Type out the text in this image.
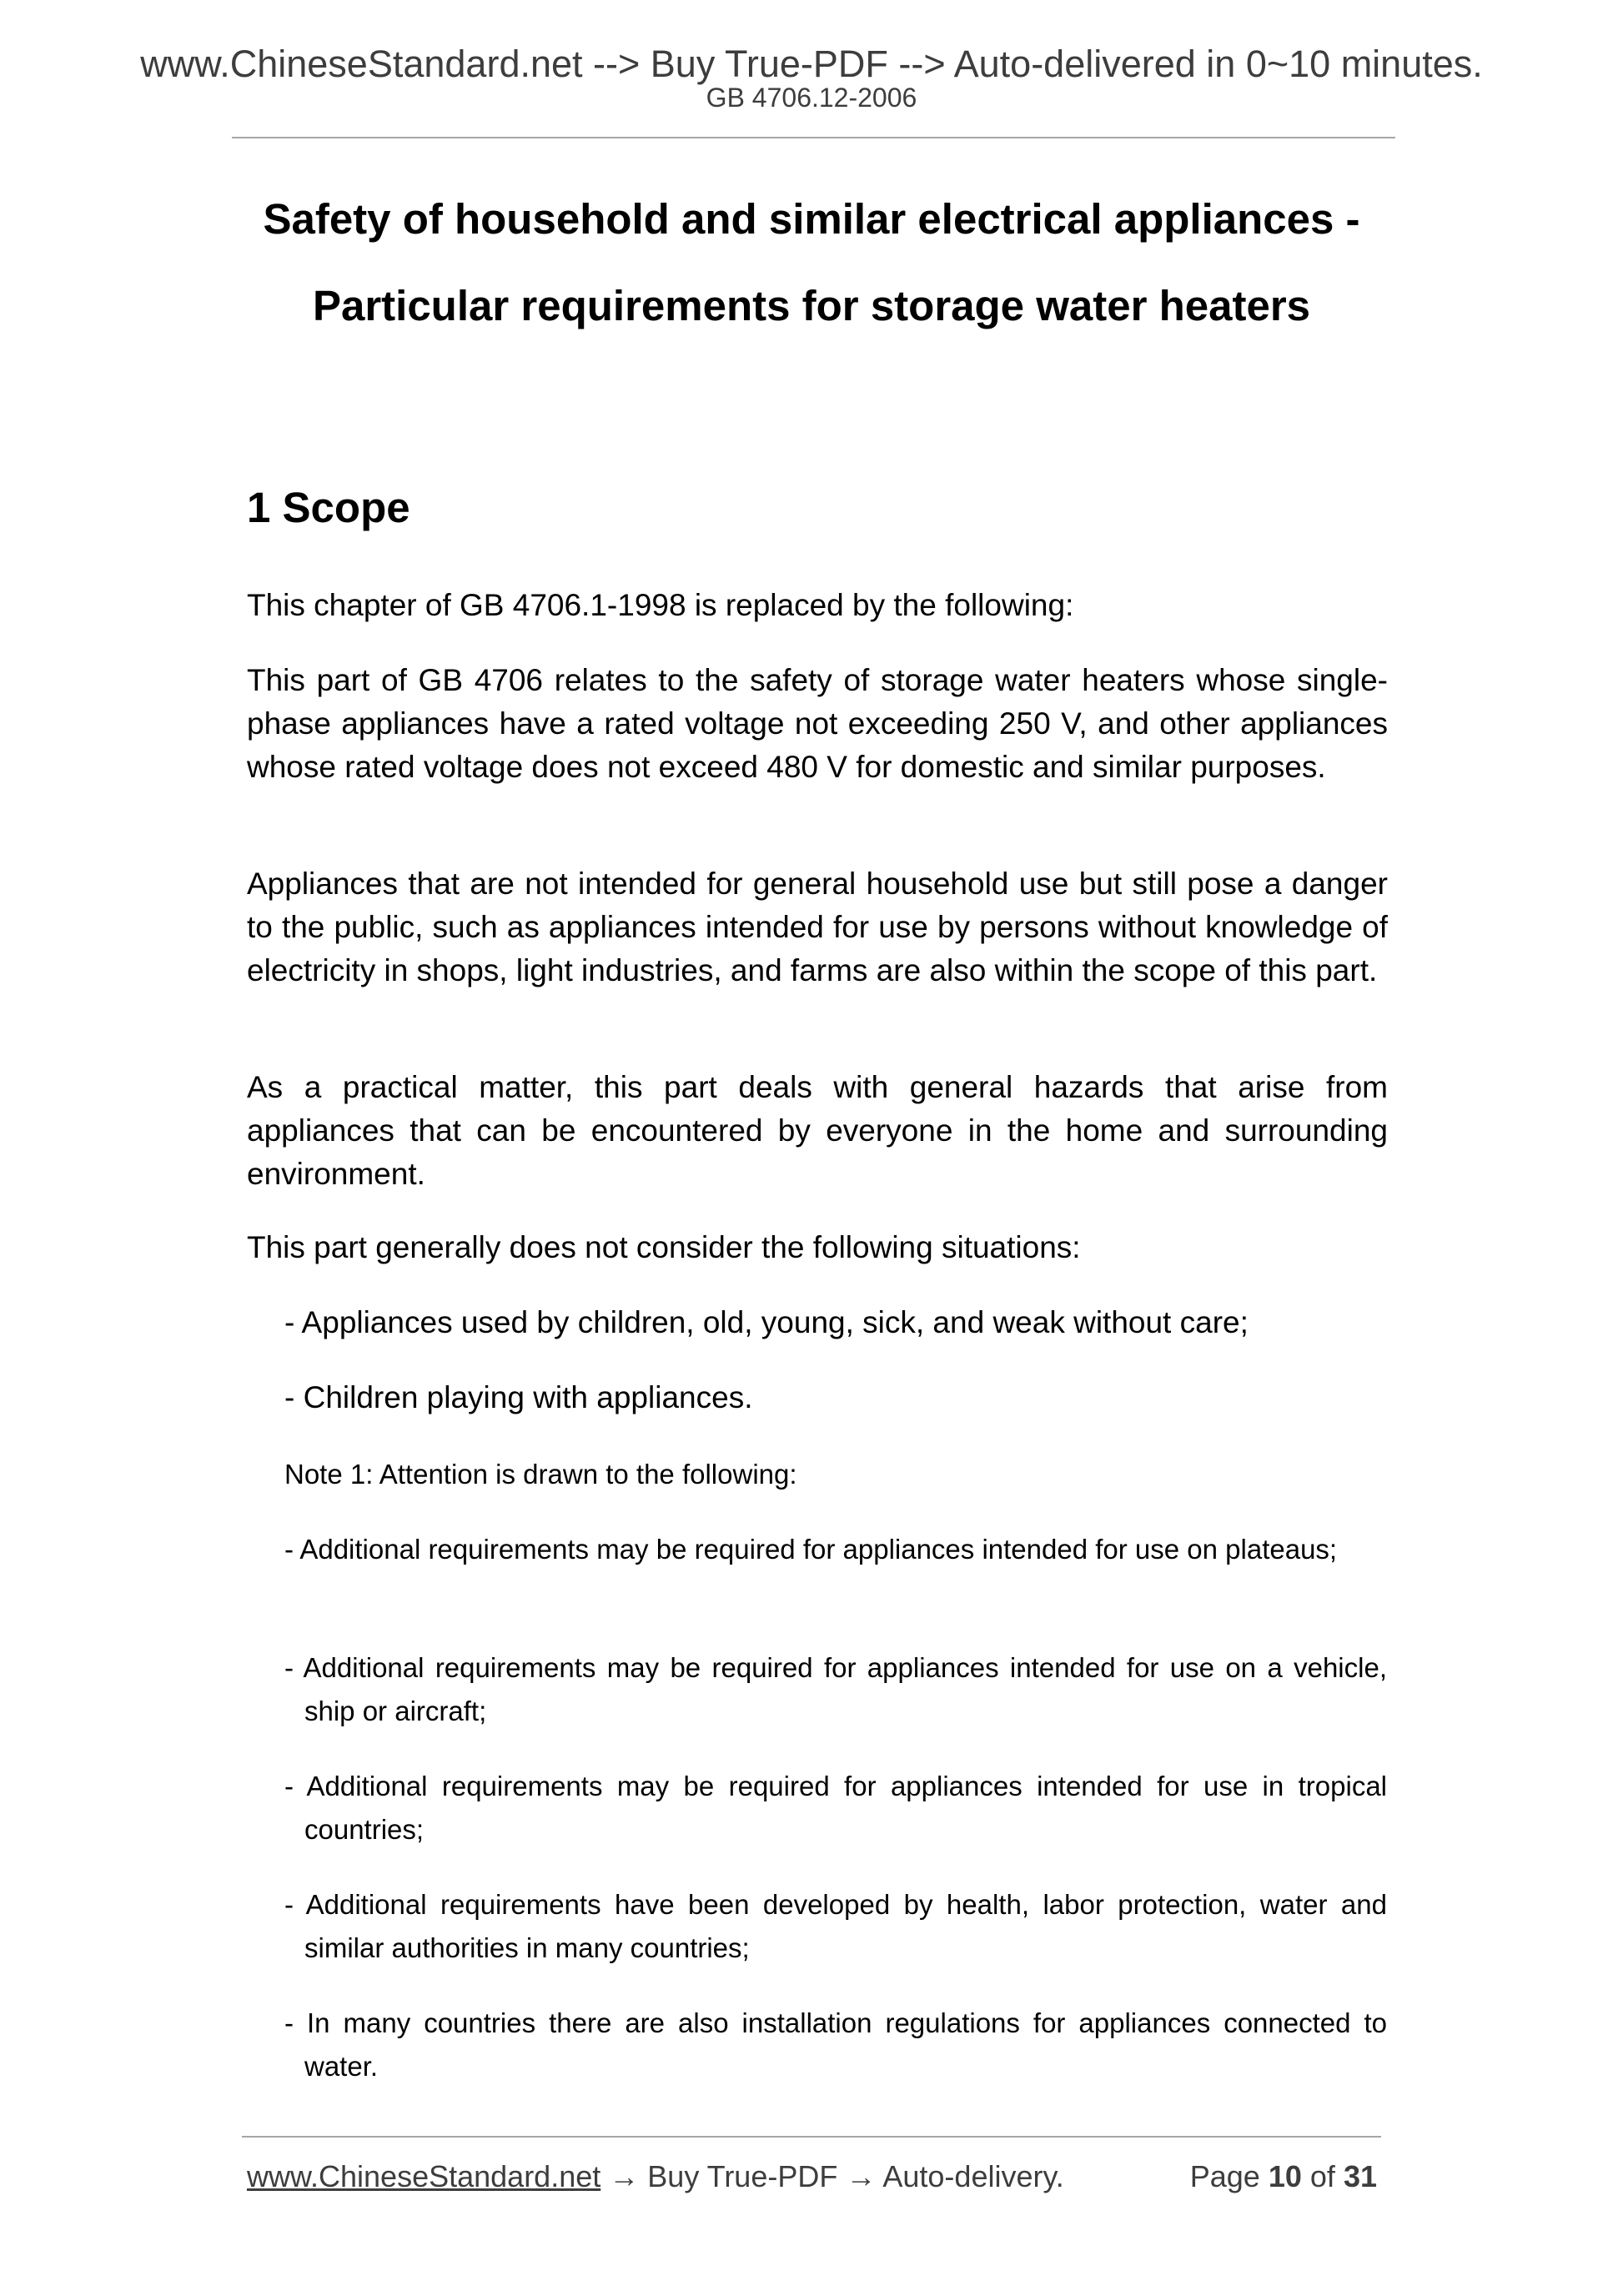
www.ChineseStandard.net --> Buy True-PDF --> Auto-delivered in 0~10 minutes.
GB 4706.12-2006
Safety of household and similar electrical appliances -
Particular requirements for storage water heaters
1 Scope
This chapter of GB 4706.1-1998 is replaced by the following:
This part of GB 4706 relates to the safety of storage water heaters whose single-phase appliances have a rated voltage not exceeding 250 V, and other appliances whose rated voltage does not exceed 480 V for domestic and similar purposes.
Appliances that are not intended for general household use but still pose a danger to the public, such as appliances intended for use by persons without knowledge of electricity in shops, light industries, and farms are also within the scope of this part.
As a practical matter, this part deals with general hazards that arise from appliances that can be encountered by everyone in the home and surrounding environment.
This part generally does not consider the following situations:
- Appliances used by children, old, young, sick, and weak without care;
- Children playing with appliances.
Note 1: Attention is drawn to the following:
- Additional requirements may be required for appliances intended for use on plateaus;
- Additional requirements may be required for appliances intended for use on a vehicle, ship or aircraft;
- Additional requirements may be required for appliances intended for use in tropical countries;
- Additional requirements have been developed by health, labor protection, water and similar authorities in many countries;
- In many countries there are also installation regulations for appliances connected to water.
www.ChineseStandard.net → Buy True-PDF → Auto-delivery.	Page 10 of 31
